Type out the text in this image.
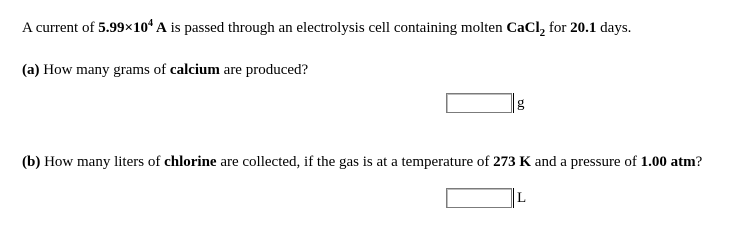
A current of $5.99\times 10^4$ A is passed through an electrolysis cell containing molten CaCl$_2$ for 20.1 days.
(a) How many grams of calcium are produced?
g
(b) How many liters of chlorine are collected, if the gas is at a temperature of 273 K and a pressure of 1.00 atm?
L
